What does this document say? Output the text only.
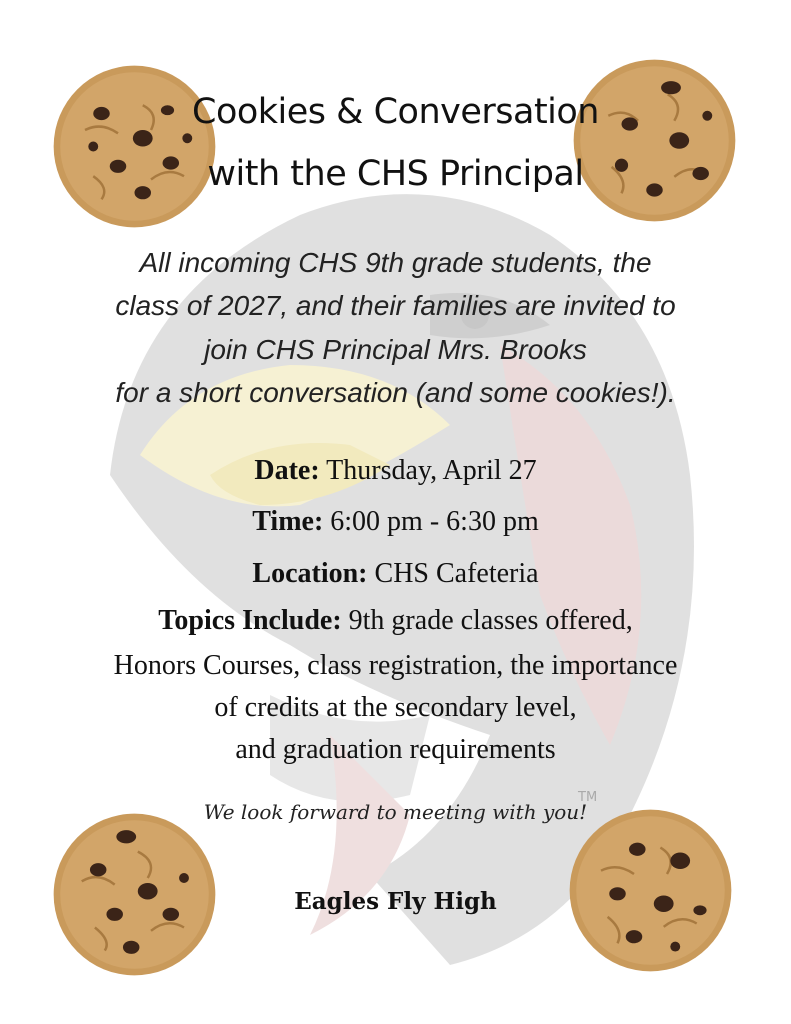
Cookies & Conversation
with the CHS Principal
All incoming CHS 9th grade students, the
class of 2027, and their families are invited to
join CHS Principal Mrs. Brooks
for a short conversation (and some cookies!).
Date: Thursday, April 27
Time: 6:00 pm - 6:30 pm
Location: CHS Cafeteria
Topics Include: 9th grade classes offered,
Honors Courses, class registration, the importance
of credits at the secondary level,
and graduation requirements
TM
We look forward to meeting with you!
Eagles Fly High
